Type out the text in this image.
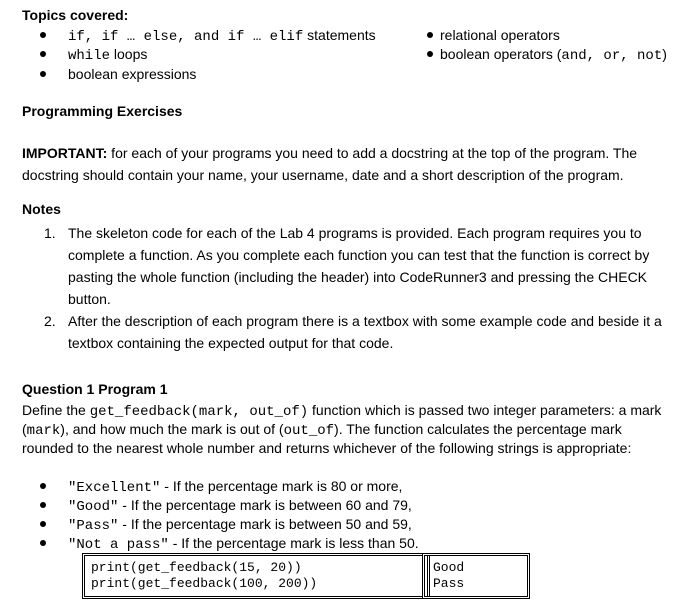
Topics covered:
if, if … else, and if … elif statements
while loops
boolean expressions
relational operators
boolean operators (and, or, not)
Programming Exercises
IMPORTANT: for each of your programs you need to add a docstring at the top of the program. The
docstring should contain your name, your username, date and a short description of the program.
Notes
1. The skeleton code for each of the Lab 4 programs is provided. Each program requires you to
complete a function. As you complete each function you can test that the function is correct by
pasting the whole function (including the header) into CodeRunner3 and pressing the CHECK
button.
2. After the description of each program there is a textbox with some example code and beside it a
textbox containing the expected output for that code.
Question 1 Program 1
Define the get_feedback(mark, out_of) function which is passed two integer parameters: a mark
(mark), and how much the mark is out of (out_of). The function calculates the percentage mark
rounded to the nearest whole number and returns whichever of the following strings is appropriate:
"Excellent" - If the percentage mark is 80 or more,
"Good" - If the percentage mark is between 60 and 79,
"Pass" - If the percentage mark is between 50 and 59,
"Not a pass" - If the percentage mark is less than 50.
print(get_feedback(15, 20))
print(get_feedback(100, 200))
Good
Pass
